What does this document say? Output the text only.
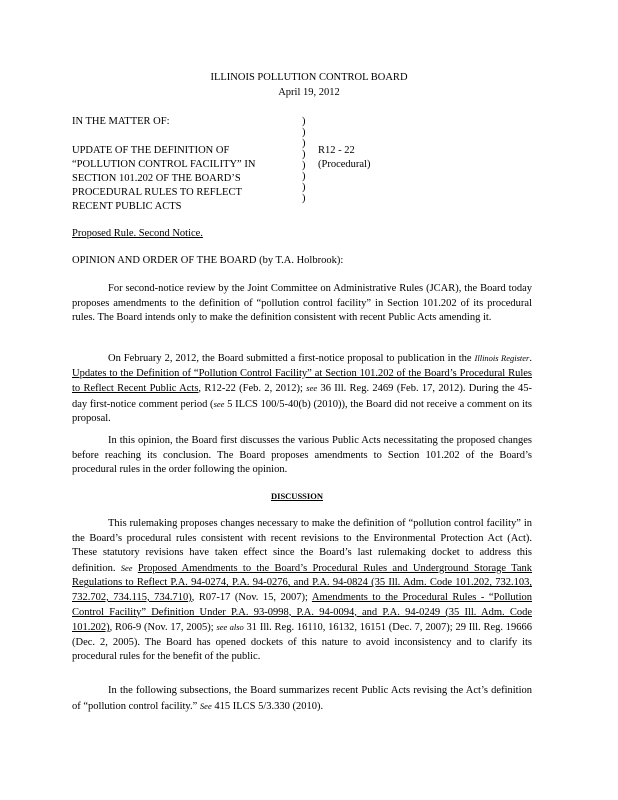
ILLINOIS POLLUTION CONTROL BOARD
April 19, 2012
IN THE MATTER OF:
UPDATE OF THE DEFINITION OF
“POLLUTION CONTROL FACILITY” IN
SECTION 101.202 OF THE BOARD’S
PROCEDURAL RULES TO REFLECT
RECENT PUBLIC ACTS
)
)
)
)
)
)
)
)
R12 - 22
(Procedural)
Proposed Rule. Second Notice.
OPINION AND ORDER OF THE BOARD (by T.A. Holbrook):
For second-notice review by the Joint Committee on Administrative Rules (JCAR), the Board today proposes amendments to the definition of “pollution control facility” in Section 101.202 of its procedural rules. The Board intends only to make the definition consistent with recent Public Acts amending it.
On February 2, 2012, the Board submitted a first-notice proposal to publication in the Illinois Register. Updates to the Definition of “Pollution Control Facility” at Section 101.202 of the Board’s Procedural Rules to Reflect Recent Public Acts, R12-22 (Feb. 2, 2012); see 36 Ill. Reg. 2469 (Feb. 17, 2012). During the 45-day first-notice comment period (see 5 ILCS 100/5-40(b) (2010)), the Board did not receive a comment on its proposal.
In this opinion, the Board first discusses the various Public Acts necessitating the proposed changes before reaching its conclusion. The Board proposes amendments to Section 101.202 of the Board’s procedural rules in the order following the opinion.
DISCUSSION
This rulemaking proposes changes necessary to make the definition of “pollution control facility” in the Board’s procedural rules consistent with recent revisions to the Environmental Protection Act (Act). These statutory revisions have taken effect since the Board’s last rulemaking docket to address this definition. See Proposed Amendments to the Board’s Procedural Rules and Underground Storage Tank Regulations to Reflect P.A. 94-0274, P.A. 94-0276, and P.A. 94-0824 (35 Ill. Adm. Code 101.202, 732.103, 732.702, 734.115, 734.710), R07-17 (Nov. 15, 2007); Amendments to the Procedural Rules - “Pollution Control Facility” Definition Under P.A. 93-0998, P.A. 94-0094, and P.A. 94-0249 (35 Ill. Adm. Code 101.202), R06-9 (Nov. 17, 2005); see also 31 Ill. Reg. 16110, 16132, 16151 (Dec. 7, 2007); 29 Ill. Reg. 19666 (Dec. 2, 2005). The Board has opened dockets of this nature to avoid inconsistency and to clarify its procedural rules for the benefit of the public.
In the following subsections, the Board summarizes recent Public Acts revising the Act’s definition of “pollution control facility.” See 415 ILCS 5/3.330 (2010).
